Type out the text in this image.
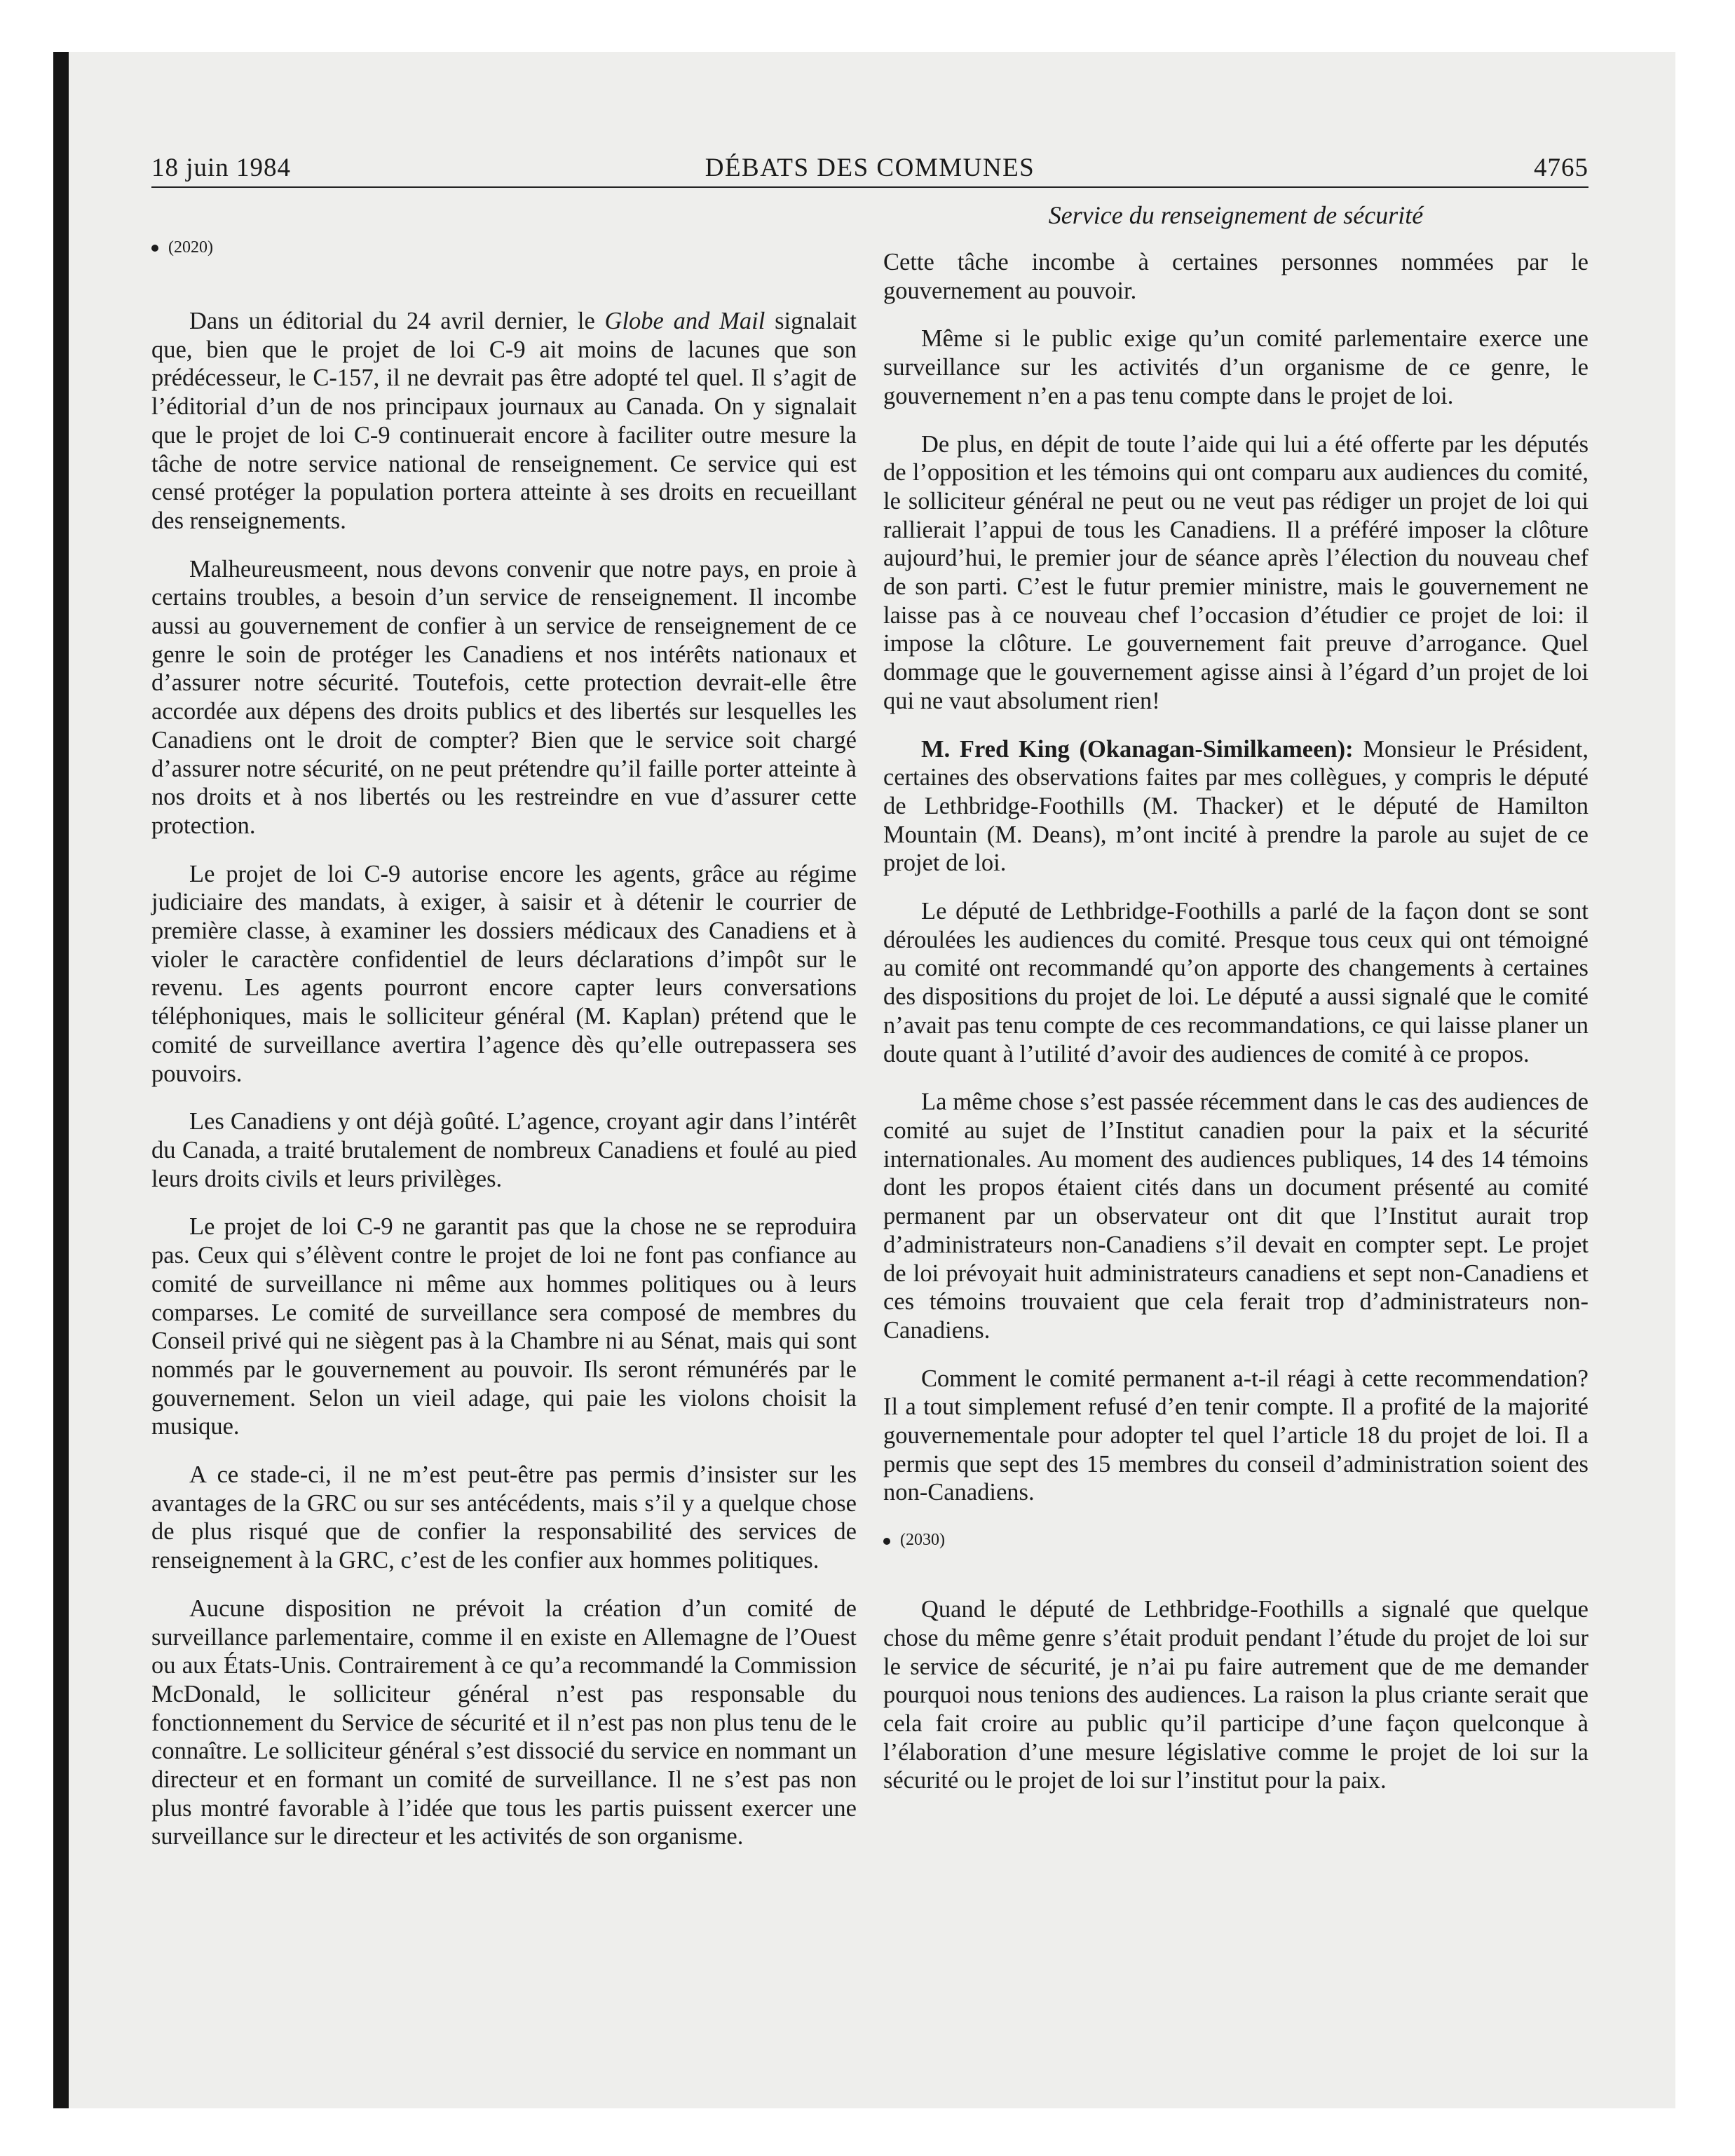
18 juin 1984	DÉBATS DES COMMUNES	4765
Service du renseignement de sécurité
(2020)

Dans un éditorial du 24 avril dernier, le Globe and Mail signalait que, bien que le projet de loi C-9 ait moins de lacunes que son prédécesseur, le C-157, il ne devrait pas être adopté tel quel. Il s’agit de l’éditorial d’un de nos principaux journaux au Canada. On y signalait que le projet de loi C-9 continuerait encore à faciliter outre mesure la tâche de notre service national de renseignement. Ce service qui est censé protéger la population portera atteinte à ses droits en recueillant des renseignements.

Malheureusmeent, nous devons convenir que notre pays, en proie à certains troubles, a besoin d’un service de renseignement. Il incombe aussi au gouvernement de confier à un service de renseignement de ce genre le soin de protéger les Canadiens et nos intérêts nationaux et d’assurer notre sécurité. Toutefois, cette protection devrait-elle être accordée aux dépens des droits publics et des libertés sur lesquelles les Canadiens ont le droit de compter? Bien que le service soit chargé d’assurer notre sécurité, on ne peut prétendre qu’il faille porter atteinte à nos droits et à nos libertés ou les restreindre en vue d’assurer cette protection.

Le projet de loi C-9 autorise encore les agents, grâce au régime judiciaire des mandats, à exiger, à saisir et à détenir le courrier de première classe, à examiner les dossiers médicaux des Canadiens et à violer le caractère confidentiel de leurs déclarations d’impôt sur le revenu. Les agents pourront encore capter leurs conversations téléphoniques, mais le solliciteur général (M. Kaplan) prétend que le comité de surveillance avertira l’agence dès qu’elle outrepassera ses pouvoirs.

Les Canadiens y ont déjà goûté. L’agence, croyant agir dans l’intérêt du Canada, a traité brutalement de nombreux Canadiens et foulé au pied leurs droits civils et leurs privilèges.

Le projet de loi C-9 ne garantit pas que la chose ne se reproduira pas. Ceux qui s’élèvent contre le projet de loi ne font pas confiance au comité de surveillance ni même aux hommes politiques ou à leurs comparses. Le comité de surveillance sera composé de membres du Conseil privé qui ne siègent pas à la Chambre ni au Sénat, mais qui sont nommés par le gouvernement au pouvoir. Ils seront rémunérés par le gouvernement. Selon un vieil adage, qui paie les violons choisit la musique.

A ce stade-ci, il ne m’est peut-être pas permis d’insister sur les avantages de la GRC ou sur ses antécédents, mais s’il y a quelque chose de plus risqué que de confier la responsabilité des services de renseignement à la GRC, c’est de les confier aux hommes politiques.

Aucune disposition ne prévoit la création d’un comité de surveillance parlementaire, comme il en existe en Allemagne de l’Ouest ou aux États-Unis. Contrairement à ce qu’a recommandé la Commission McDonald, le solliciteur général n’est pas responsable du fonctionnement du Service de sécurité et il n’est pas non plus tenu de le connaître. Le solliciteur général s’est dissocié du service en nommant un directeur et en formant un comité de surveillance. Il ne s’est pas non plus montré favorable à l’idée que tous les partis puissent exercer une surveillance sur le directeur et les activités de son organisme.

Cette tâche incombe à certaines personnes nommées par le gouvernement au pouvoir.

Même si le public exige qu’un comité parlementaire exerce une surveillance sur les activités d’un organisme de ce genre, le gouvernement n’en a pas tenu compte dans le projet de loi.

De plus, en dépit de toute l’aide qui lui a été offerte par les députés de l’opposition et les témoins qui ont comparu aux audiences du comité, le solliciteur général ne peut ou ne veut pas rédiger un projet de loi qui rallierait l’appui de tous les Canadiens. Il a préféré imposer la clôture aujourd’hui, le premier jour de séance après l’élection du nouveau chef de son parti. C’est le futur premier ministre, mais le gouvernement ne laisse pas à ce nouveau chef l’occasion d’étudier ce projet de loi: il impose la clôture. Le gouvernement fait preuve d’arrogance. Quel dommage que le gouvernement agisse ainsi à l’égard d’un projet de loi qui ne vaut absolument rien!

M. Fred King (Okanagan-Similkameen): Monsieur le Président, certaines des observations faites par mes collègues, y compris le député de Lethbridge-Foothills (M. Thacker) et le député de Hamilton Mountain (M. Deans), m’ont incité à prendre la parole au sujet de ce projet de loi.

Le député de Lethbridge-Foothills a parlé de la façon dont se sont déroulées les audiences du comité. Presque tous ceux qui ont témoigné au comité ont recommandé qu’on apporte des changements à certaines des dispositions du projet de loi. Le député a aussi signalé que le comité n’avait pas tenu compte de ces recommandations, ce qui laisse planer un doute quant à l’utilité d’avoir des audiences de comité à ce propos.

La même chose s’est passée récemment dans le cas des audiences de comité au sujet de l’Institut canadien pour la paix et la sécurité internationales. Au moment des audiences publiques, 14 des 14 témoins dont les propos étaient cités dans un document présenté au comité permanent par un observateur ont dit que l’Institut aurait trop d’administrateurs non-Canadiens s’il devait en compter sept. Le projet de loi prévoyait huit administrateurs canadiens et sept non-Canadiens et ces témoins trouvaient que cela ferait trop d’administrateurs non-Canadiens.

Comment le comité permanent a-t-il réagi à cette recommendation? Il a tout simplement refusé d’en tenir compte. Il a profité de la majorité gouvernementale pour adopter tel quel l’article 18 du projet de loi. Il a permis que sept des 15 membres du conseil d’administration soient des non-Canadiens.

(2030)

Quand le député de Lethbridge-Foothills a signalé que quelque chose du même genre s’était produit pendant l’étude du projet de loi sur le service de sécurité, je n’ai pu faire autrement que de me demander pourquoi nous tenions des audiences. La raison la plus criante serait que cela fait croire au public qu’il participe d’une façon quelconque à l’élaboration d’une mesure législative comme le projet de loi sur la sécurité ou le projet de loi sur l’institut pour la paix.
